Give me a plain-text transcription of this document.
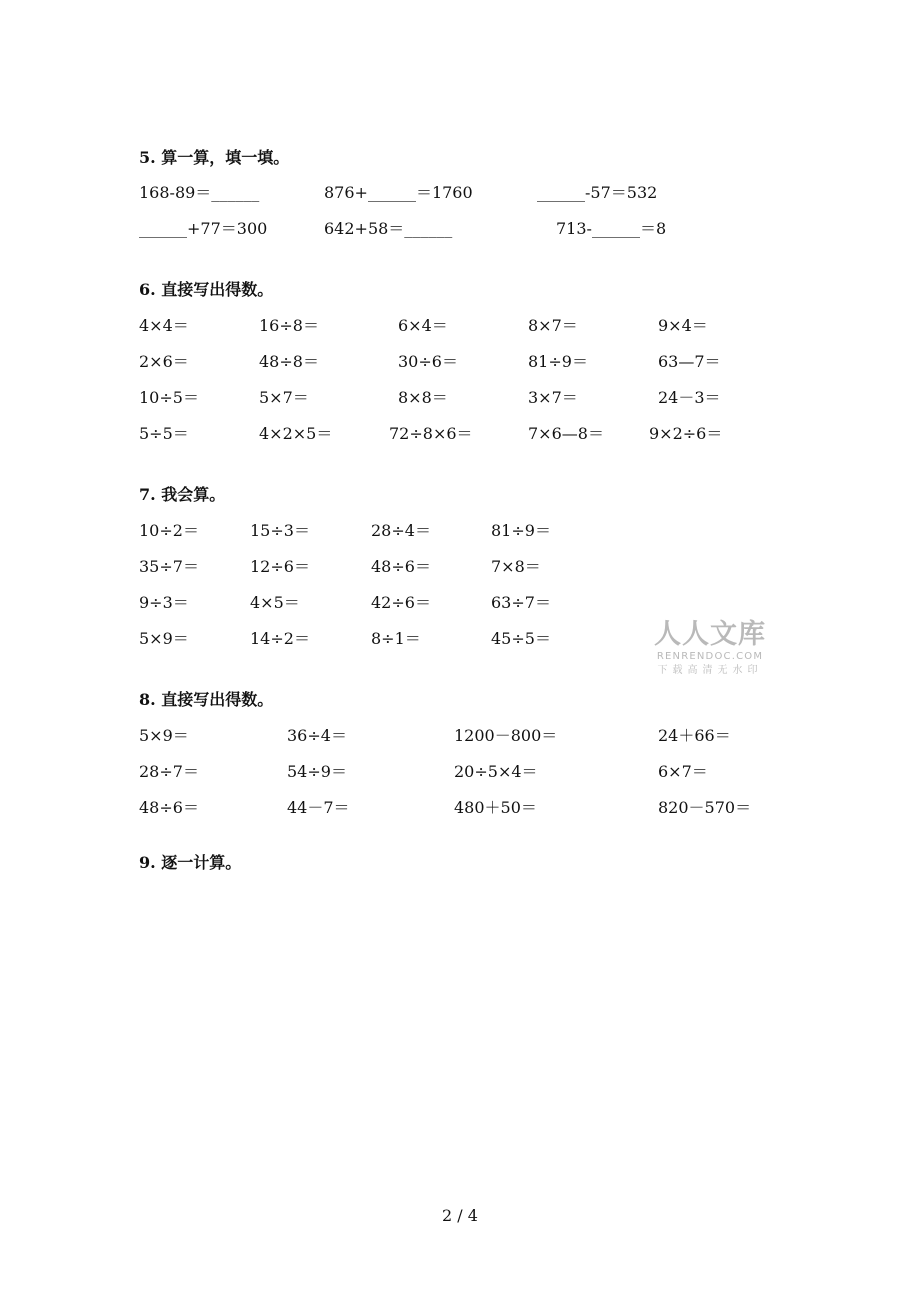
5. 算一算，填一填。
168-89＝______	876+______＝1760	______-57＝532
______+77＝300	642+58＝______	713-______＝8
6. 直接写出得数。
4×4＝	16÷8＝	6×4＝	8×7＝	9×4＝
2×6＝	48÷8＝	30÷6＝	81÷9＝	63—7＝
10÷5＝	5×7＝	8×8＝	3×7＝	24－3＝
5÷5＝	4×2×5＝	72÷8×6＝	7×6—8＝	9×2÷6＝
7. 我会算。
10÷2＝	15÷3＝	28÷4＝	81÷9＝
35÷7＝	12÷6＝	48÷6＝	7×8＝
9÷3＝	4×5＝	42÷6＝	63÷7＝
5×9＝	14÷2＝	8÷1＝	45÷5＝
8. 直接写出得数。
5×9＝	36÷4＝	1200－800＝	24＋66＝
28÷7＝	54÷9＝	20÷5×4＝	6×7＝
48÷6＝	44－7＝	480＋50＝	820－570＝
9. 逐一计算。
人人文库
RENRENDOC.COM
下载高清无水印
2 / 4
